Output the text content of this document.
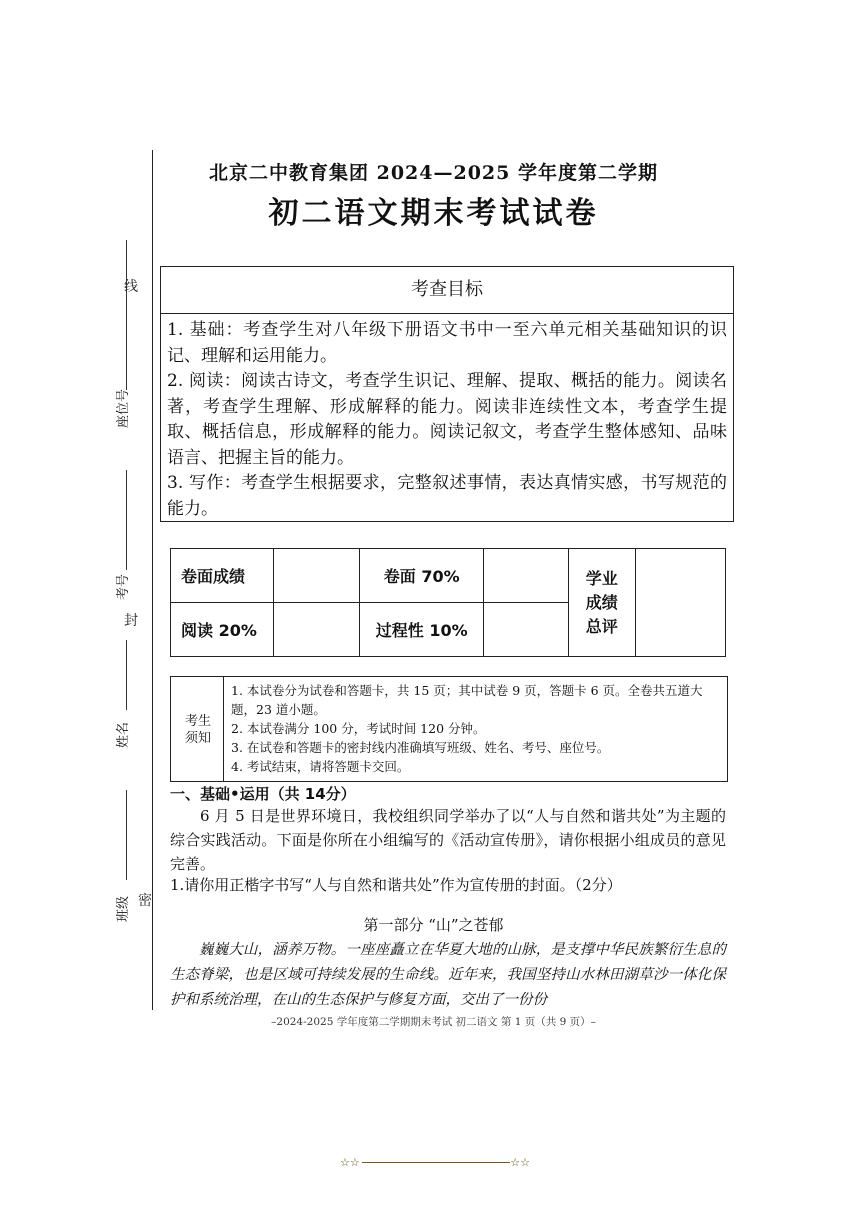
线
封
密
座位号
考号
姓名
班级
北京二中教育集团 2024—2025 学年度第二学期
初二语文期末考试试卷
考查目标
1. 基础：考查学生对八年级下册语文书中一至六单元相关基础知识的识记、理解和运用能力。
2. 阅读：阅读古诗文，考查学生识记、理解、提取、概括的能力。阅读名著，考查学生理解、形成解释的能力。阅读非连续性文本，考查学生提取、概括信息，形成解释的能力。阅读记叙文，考查学生整体感知、品味语言、把握主旨的能力。
3. 写作：考查学生根据要求，完整叙述事情，表达真情实感，书写规范的能力。
卷面成绩		卷面 70%		学业
成绩
总评	
阅读 20%		过程性 10%			
考生须知
1. 本试卷分为试卷和答题卡，共 15 页；其中试卷 9 页，答题卡 6 页。全卷共五道大题，23 道小题。
2. 本试卷满分 100 分，考试时间 120 分钟。
3. 在试卷和答题卡的密封线内准确填写班级、姓名、考号、座位号。
4. 考试结束，请将答题卡交回。
一、基础•运用（共 14分）
6 月 5 日是世界环境日，我校组织同学举办了以“人与自然和谐共处”为主题的综合实践活动。下面是你所在小组编写的《活动宣传册》，请你根据小组成员的意见完善。
1.请你用正楷字书写“人与自然和谐共处”作为宣传册的封面。（2分）
第一部分 “山”之苍郁
巍巍大山，涵养万物。一座座矗立在华夏大地的山脉，是支撑中华民族繁衍生息的生态脊梁，也是区域可持续发展的生命线。近年来，我国坚持山水林田湖草沙一体化保护和系统治理，在山的生态保护与修复方面，交出了一份份
–2024-2025 学年度第二学期期末考试 初二语文 第 1 页（共 9 页）–
☆☆	☆☆
